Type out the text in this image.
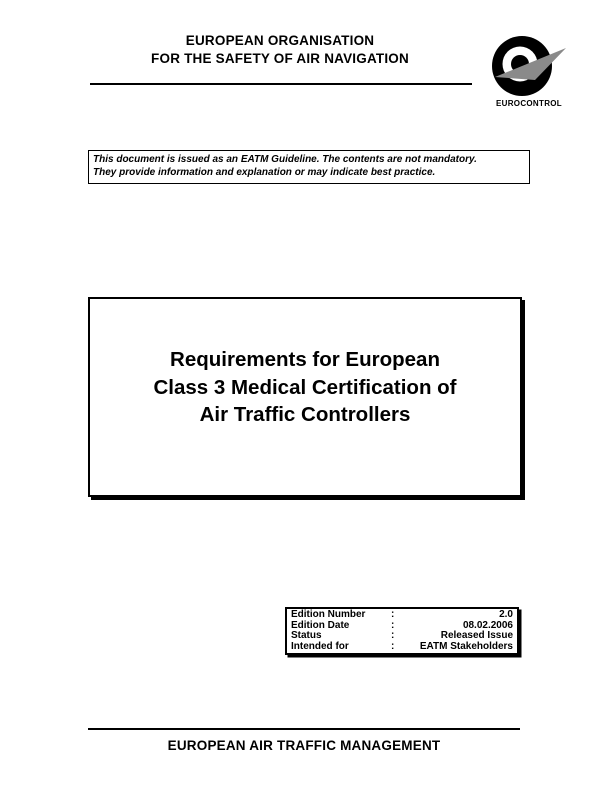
EUROPEAN ORGANISATION
FOR THE SAFETY OF AIR NAVIGATION
EUROCONTROL
This document is issued as an EATM Guideline. The contents are not mandatory.
They provide information and explanation or may indicate best practice.
Requirements for European
Class 3 Medical Certification of
Air Traffic Controllers
Edition Number	:	2.0
Edition Date	:	08.02.2006
Status	:	Released Issue
Intended for	:	EATM Stakeholders
EUROPEAN AIR TRAFFIC MANAGEMENT
